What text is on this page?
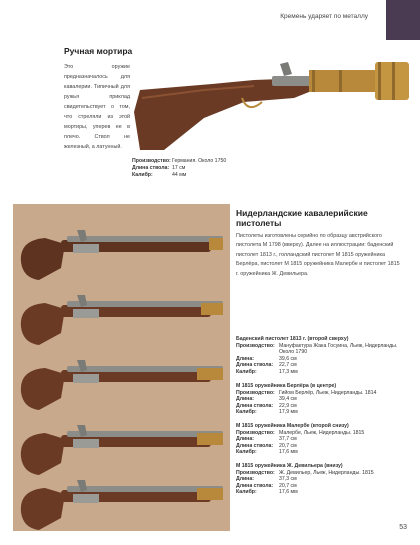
Кремень ударяет по металлу
Ручная мортира
Это оружие предназначалось для кавалерии. Типичный для ружья приклад свидетельствует о том, что стреляли из этой мортиры, уперев ее в плечо. Ствол не железный, а латунный.
Производство: Германия. Около 1750
Длина ствола: 17 см
Калибр:	44 мм
Нидерландские кавалерийские пистолеты
Пистолеты изготовлены серийно по образцу австрийского пистолета М 1798 (вверху). Далее на иллюстрации: баденский пистолет 1813 г., голландский пистолет М 1815 оружейника Берлёра, пистолет М 1815 оружейника Малербе и пистолет 1815 г. оружейника Ж. Девильера.
Баденский пистолет 1813 г. (второй сверху)
Производство: Мануфактура Жака Госуина, Льеж, Нидерланды. Около 1790
Длина:	39,6 см
Длина ствола:	22,7 см
Калибр:	17,3 мм
М 1815 оружейника Берлёра (в центре)
Производство: Гийом Берлёр, Льеж, Нидерланды. 1814
Длина:	39,4 см
Длина ствола:	22,9 см
Калибр:	17,9 мм
М 1815 оружейника Малербе (второй снизу)
Производство: Малербе, Льеж, Нидерланды. 1815
Длина:	37,7 см
Длина ствола:	20,7 см
Калибр:	17,6 мм
М 1815 оружейника Ж. Девильера (внизу)
Производство: Ж. Девильер, Льеж, Нидерланды. 1815
Длина:	37,3 см
Длина ствола:	20,7 см
Калибр:	17,6 мм
53
